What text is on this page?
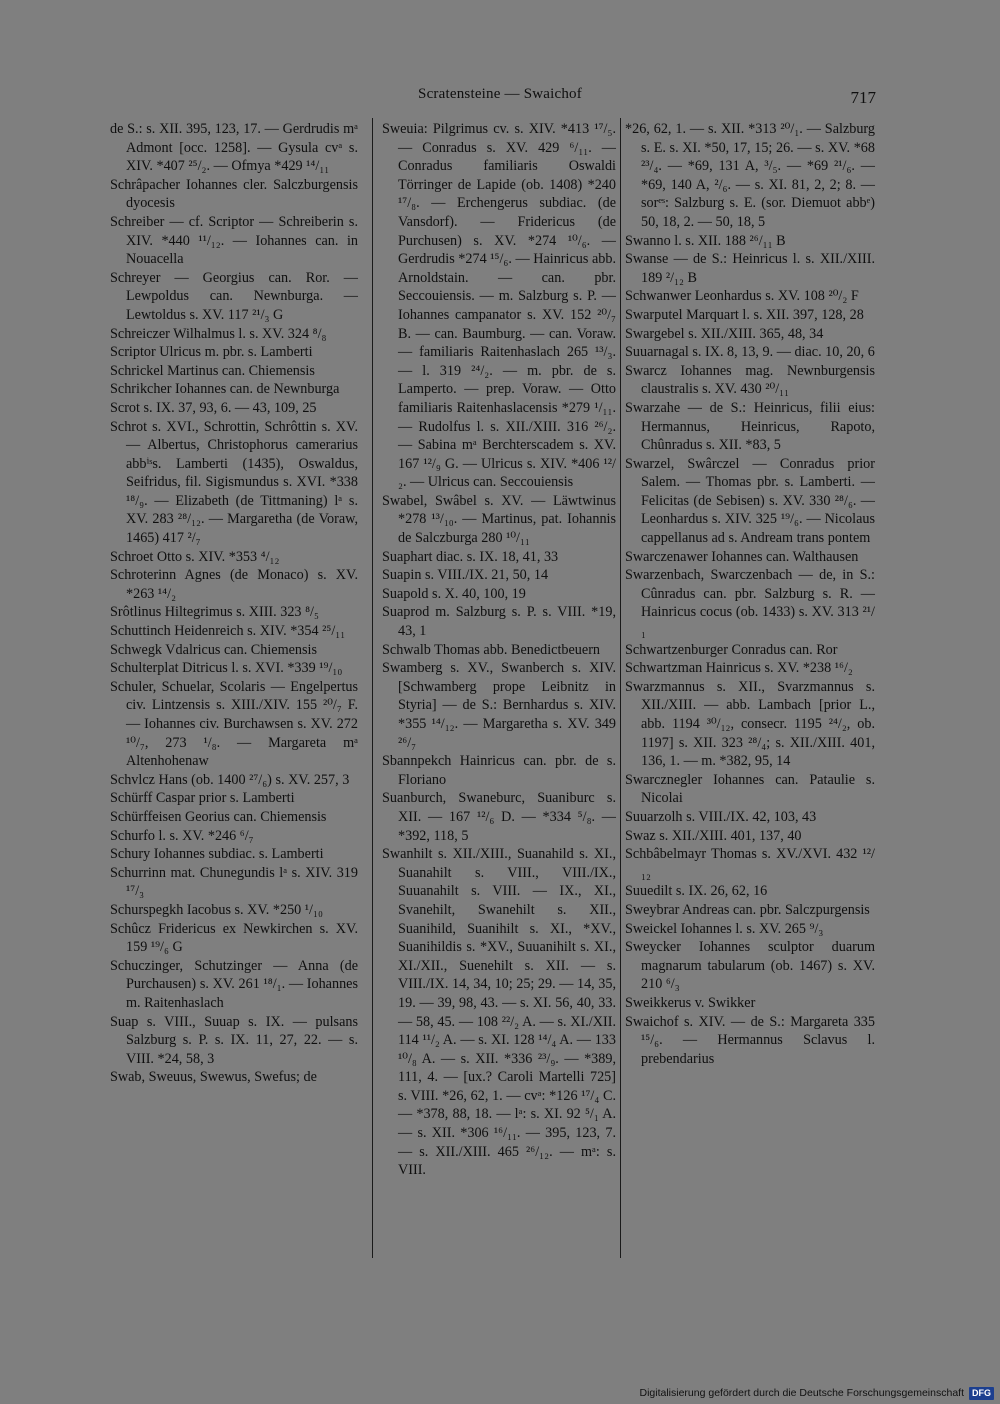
Scratensteine — Swaichof	717

de S.: s. XII. 395, 123, 17. — Gerdrudis mᵃ Admont [occ. 1258]. — Gysula cvᵃ s. XIV. *407 ²⁵/₂. — Ofmya *429 ¹⁴/₁₁

Schrâpacher Iohannes cler. Salczburgensis dyocesis

Schreiber — cf. Scriptor — Schreiberin s. XIV. *440 ¹¹/₁₂. — Iohannes can. in Nouacella

Schreyer — Georgius can. Ror. — Lewpoldus can. Newnburga. — Lewtoldus s. XV. 117 ²¹/₃ G

Schreiczer Wilhalmus l. s. XV. 324 ⁸/₈

Scriptor Ulricus m. pbr. s. Lamberti

Schrickel Martinus can. Chiemensis

Schrikcher Iohannes can. de Newnburga

Scrot s. IX. 37, 93, 6. — 43, 109, 25

Schrot s. XVI., Schrottin, Schrôttin s. XV. — Albertus, Christophorus camerarius abbⁱˢs. Lamberti (1435), Oswaldus, Seifridus, fil. Sigismundus s. XVI. *338 ¹⁸/₉. — Elizabeth (de Tittmaning) lᵃ s. XV. 283 ²⁸/₁₂. — Margaretha (de Voraw, 1465) 417 ²/₇

Schroet Otto s. XIV. *353 ⁴/₁₂

Schroterinn Agnes (de Monaco) s. XV. *263 ¹⁴/₂

Srôtlinus Hiltegrimus s. XIII. 323 ⁸/₅

Schuttinch Heidenreich s. XIV. *354 ²⁵/₁₁

Schwegk Vdalricus can. Chiemensis

Schulterplat Ditricus l. s. XVI. *339 ¹⁹/₁₀

Schuler, Schuelar, Scolaris — Engelpertus civ. Lintzensis s. XIII./XIV. 155 ²⁰/₇ F. — Iohannes civ. Burchawsen s. XV. 272 ¹⁰/₇, 273 ¹/₈. — Margareta mᵃ Altenhohenaw

Schvlcz Hans (ob. 1400 ²⁷/₆) s. XV. 257, 3

Schürff Caspar prior s. Lamberti

Schürffeisen Georius can. Chiemensis

Schurfo l. s. XV. *246 ⁶/₇

Schury Iohannes subdiac. s. Lamberti

Schurrinn mat. Chunegundis lᵃ s. XIV. 319 ¹⁷/₃

Schurspegkh Iacobus s. XV. *250 ¹/₁₀

Schûcz Fridericus ex Newkirchen s. XV. 159 ¹⁹/₆ G

Schuczinger, Schutzinger — Anna (de Purchausen) s. XV. 261 ¹⁸/₁. — Iohannes m. Raitenhaslach

Suap s. VIII., Suuap s. IX. — pulsans Salzburg s. P. s. IX. 11, 27, 22. — s. VIII. *24, 58, 3

Swab, Sweuus, Swewus, Swefus; de

Sweuia: Pilgrimus cv. s. XIV. *413 ¹⁷/₅. — Conradus s. XV. 429 ⁶/₁₁. — Conradus familiaris Oswaldi Törringer de Lapide (ob. 1408) *240 ¹⁷/₈. — Erchengerus subdiac. (de Vansdorf). — Fridericus (de Purchusen) s. XV. *274 ¹⁰/₆. — Gerdrudis *274 ¹⁵/₆. — Hainricus abb. Arnoldstain. — can. pbr. Seccouiensis. — m. Salzburg s. P. — Iohannes campanator s. XV. 152 ²⁰/₇ B. — can. Baumburg. — can. Voraw. — familiaris Raitenhaslach 265 ¹³/₃. — l. 319 ²⁴/₂. — m. pbr. de s. Lamperto. — prep. Voraw. — Otto familiaris Raitenhaslacensis *279 ¹/₁₁. — Rudolfus l. s. XII./XIII. 316 ²⁶/₂. — Sabina mᵃ Berchterscadem s. XV. 167 ¹²/₉ G. — Ulricus s. XIV. *406 ¹²/₂. — Ulricus can. Seccouiensis

Swabel, Swâbel s. XV. — Läwtwinus *278 ¹³/₁₀. — Martinus, pat. Iohannis de Salczburga 280 ¹⁰/₁₁

Suaphart diac. s. IX. 18, 41, 33

Suapin s. VIII./IX. 21, 50, 14

Suapold s. X. 40, 100, 19

Suaprod m. Salzburg s. P. s. VIII. *19, 43, 1

Schwalb Thomas abb. Benedictbeuern

Swamberg s. XV., Swanberch s. XIV. [Schwamberg prope Leibnitz in Styria] — de S.: Bernhardus s. XIV. *355 ¹⁴/₁₂. — Margaretha s. XV. 349 ²⁶/₇

Sbannpekch Hainricus can. pbr. de s. Floriano

Suanburch, Swaneburc, Suaniburc s. XII. — 167 ¹²/₆ D. — *334 ⁵/₈. — *392, 118, 5

Swanhilt s. XII./XIII., Suanahild s. XI., Suanahilt s. VIII., VIII./IX., Suuanahilt s. VIII. — IX., XI., Svanehilt, Swanehilt s. XII., Suanihild, Suanihilt s. XI., *XV., Suanihildis s. *XV., Suuanihilt s. XI., XI./XII., Suenehilt s. XII. — s. VIII./IX. 14, 34, 10; 25; 29. — 14, 35, 19. — 39, 98, 43. — s. XI. 56, 40, 33. — 58, 45. — 108 ²²/₂ A. — s. XI./XII. 114 ¹¹/₂ A. — s. XI. 128 ¹⁴/₄ A. — 133 ¹⁰/₈ A. — s. XII. *336 ²³/₉. — *389, 111, 4. — [ux.? Caroli Martelli 725] s. VIII. *26, 62, 1. — cvᵃ: *126 ¹⁷/₄ C. — *378, 88, 18. — lᵃ: s. XI. 92 ⁵/₁ A. — s. XII. *306 ¹⁶/₁₁. — 395, 123, 7. — s. XII./XIII. 465 ²⁶/₁₂. — mᵃ: s. VIII.

*26, 62, 1. — s. XII. *313 ²⁰/₁. — Salzburg s. E. s. XI. *50, 17, 15; 26. — s. XV. *68 ²³/₄. — *69, 131 A, ³/₅. — *69 ²¹/₆. — *69, 140 A, ²/₆. — s. XI. 81, 2, 2; 8. — sorᵉˢ: Salzburg s. E. (sor. Diemuot abbᵉ) 50, 18, 2. — 50, 18, 5

Swanno l. s. XII. 188 ²⁶/₁₁ B

Swanse — de S.: Heinricus l. s. XII./XIII. 189 ²/₁₂ B

Schwanwer Leonhardus s. XV. 108 ²⁰/₂ F

Swarputel Marquart l. s. XII. 397, 128, 28

Swargebel s. XII./XIII. 365, 48, 34

Suuarnagal s. IX. 8, 13, 9. — diac. 10, 20, 6

Swarcz Iohannes mag. Newnburgensis claustralis s. XV. 430 ²⁰/₁₁

Swarzahe — de S.: Heinricus, filii eius: Hermannus, Heinricus, Rapoto, Chûnradus s. XII. *83, 5

Swarzel, Swârczel — Conradus prior Salem. — Thomas pbr. s. Lamberti. — Felicitas (de Sebisen) s. XV. 330 ²⁸/₆. — Leonhardus s. XIV. 325 ¹⁹/₆. — Nicolaus cappellanus ad s. Andream trans pontem

Swarczenawer Iohannes can. Walthausen

Swarzenbach, Swarczenbach — de, in S.: Cûnradus can. pbr. Salzburg s. R. — Hainricus cocus (ob. 1433) s. XV. 313 ²¹/₁

Schwartzenburger Conradus can. Ror

Schwartzman Hainricus s. XV. *238 ¹⁶/₂

Swarzmannus s. XII., Svarzmannus s. XII./XIII. — abb. Lambach [prior L., abb. 1194 ³⁰/₁₂, consecr. 1195 ²⁴/₂, ob. 1197] s. XII. 323 ²⁸/₄; s. XII./XIII. 401, 136, 1. — m. *382, 95, 14

Swarcznegler Iohannes can. Pataulie s. Nicolai

Suuarzolh s. VIII./IX. 42, 103, 43

Swaz s. XII./XIII. 401, 137, 40

Schbâbelmayr Thomas s. XV./XVI. 432 ¹²/₁₂

Suuedilt s. IX. 26, 62, 16

Sweybrar Andreas can. pbr. Salczpurgensis

Sweickel Iohannes l. s. XV. 265 ⁹/₃

Sweycker Iohannes sculptor duarum magnarum tabularum (ob. 1467) s. XV. 210 ⁶/₃

Sweikkerus v. Swikker

Swaichof s. XIV. — de S.: Margareta 335 ¹⁵/₆. — Hermannus Sclavus l. prebendarius

Digitalisierung gefördert durch die Deutsche Forschungsgemeinschaft DFG
